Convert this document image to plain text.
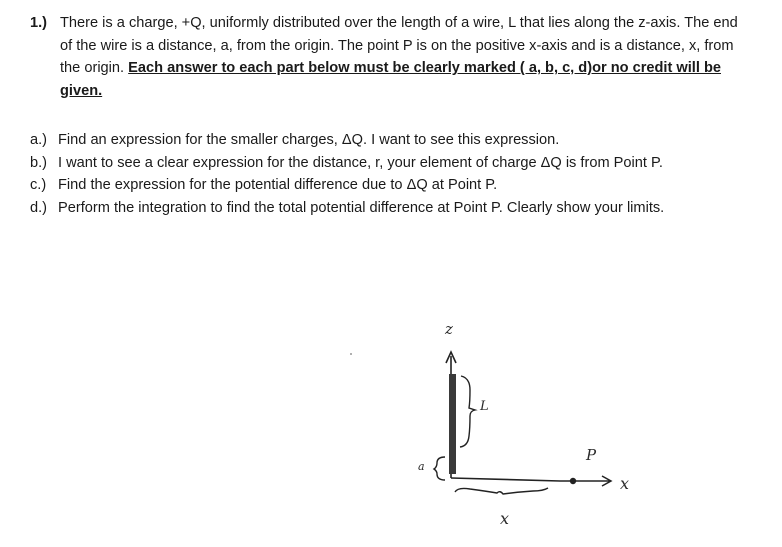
1.) There is a charge, +Q, uniformly distributed over the length of a wire, L that lies along the z-axis. The end of the wire is a distance, a, from the origin. The point P is on the positive x-axis and is a distance, x, from the origin. Each answer to each part below must be clearly marked ( a, b, c, d)or no credit will be given.
a.) Find an expression for the smaller charges, ΔQ. I want to see this expression.
b.) I want to see a clear expression for the distance, r, your element of charge ΔQ is from Point P.
c.) Find the expression for the potential difference due to ΔQ at Point P.
d.) Perform the integration to find the total potential difference at Point P. Clearly show your limits.
z
L
a
P
x
x
